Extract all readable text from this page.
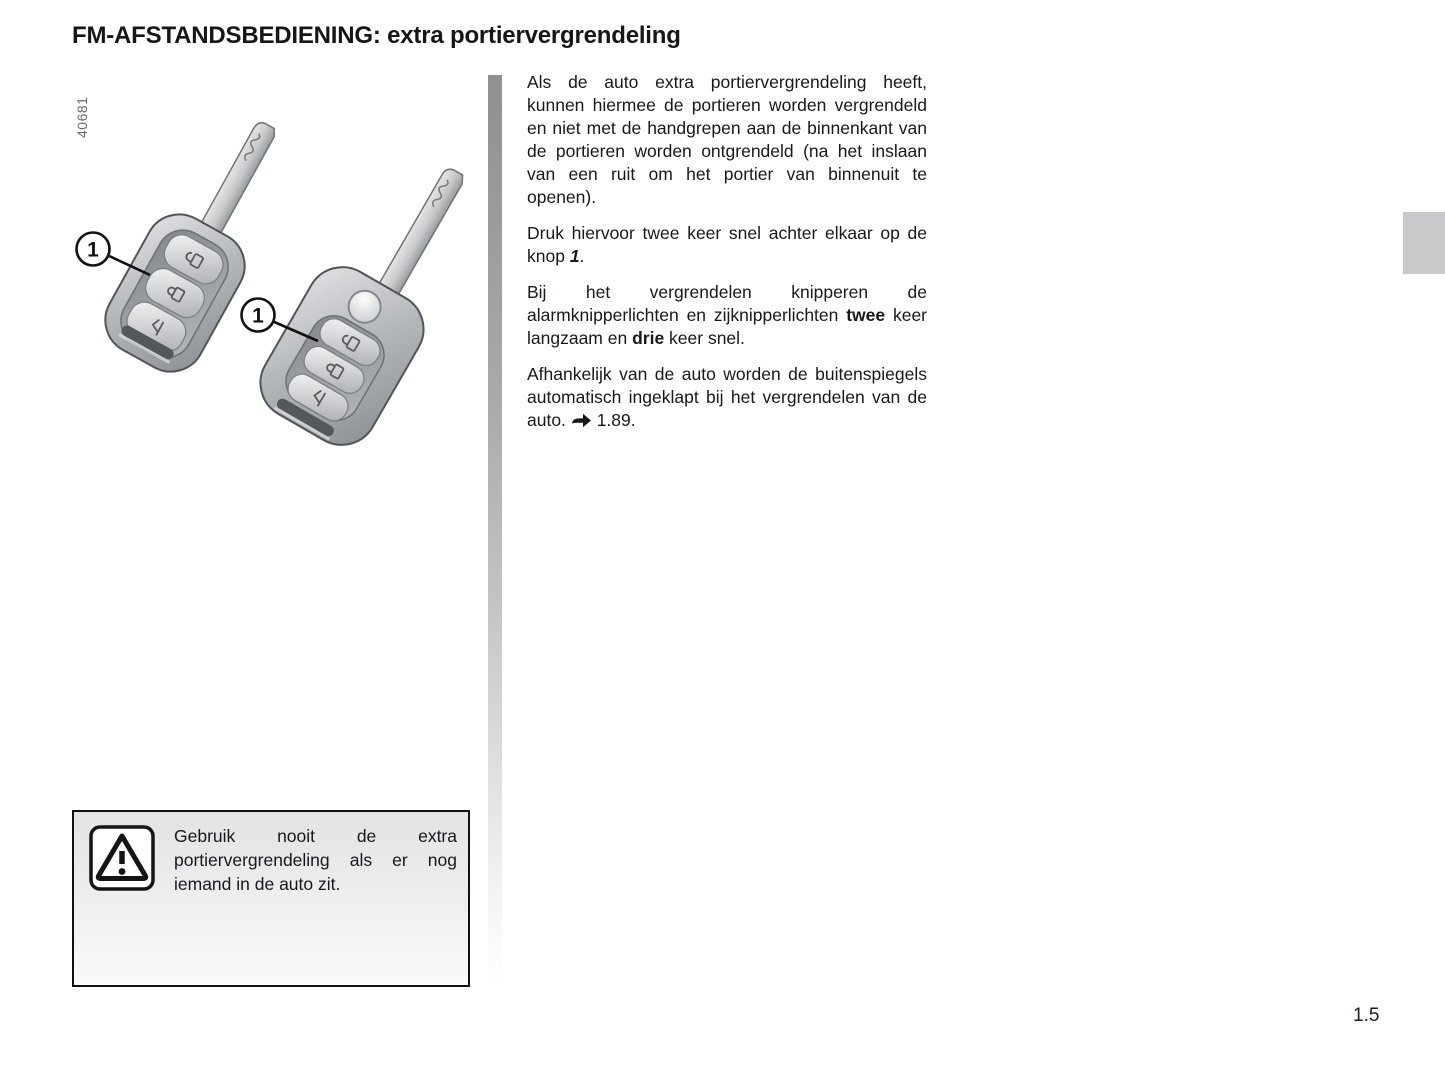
FM-AFSTANDSBEDIENING: extra portiervergrendeling
40681
1
1

Als de auto extra portiervergrendeling heeft, kunnen hiermee de portieren worden vergrendeld en niet met de handgrepen aan de binnenkant van de portieren worden ontgrendeld (na het inslaan van een ruit om het portier van binnenuit te openen).

Druk hiervoor twee keer snel achter elkaar op de knop 1.

Bij het vergrendelen knipperen de alarmknipperlichten en zijknipperlichten twee keer langzaam en drie keer snel.

Afhankelijk van de auto worden de buitenspiegels automatisch ingeklapt bij het vergrendelen van de auto. 1.89.

Gebruik nooit de extra portiervergrendeling als er nog iemand in de auto zit.
1.5
